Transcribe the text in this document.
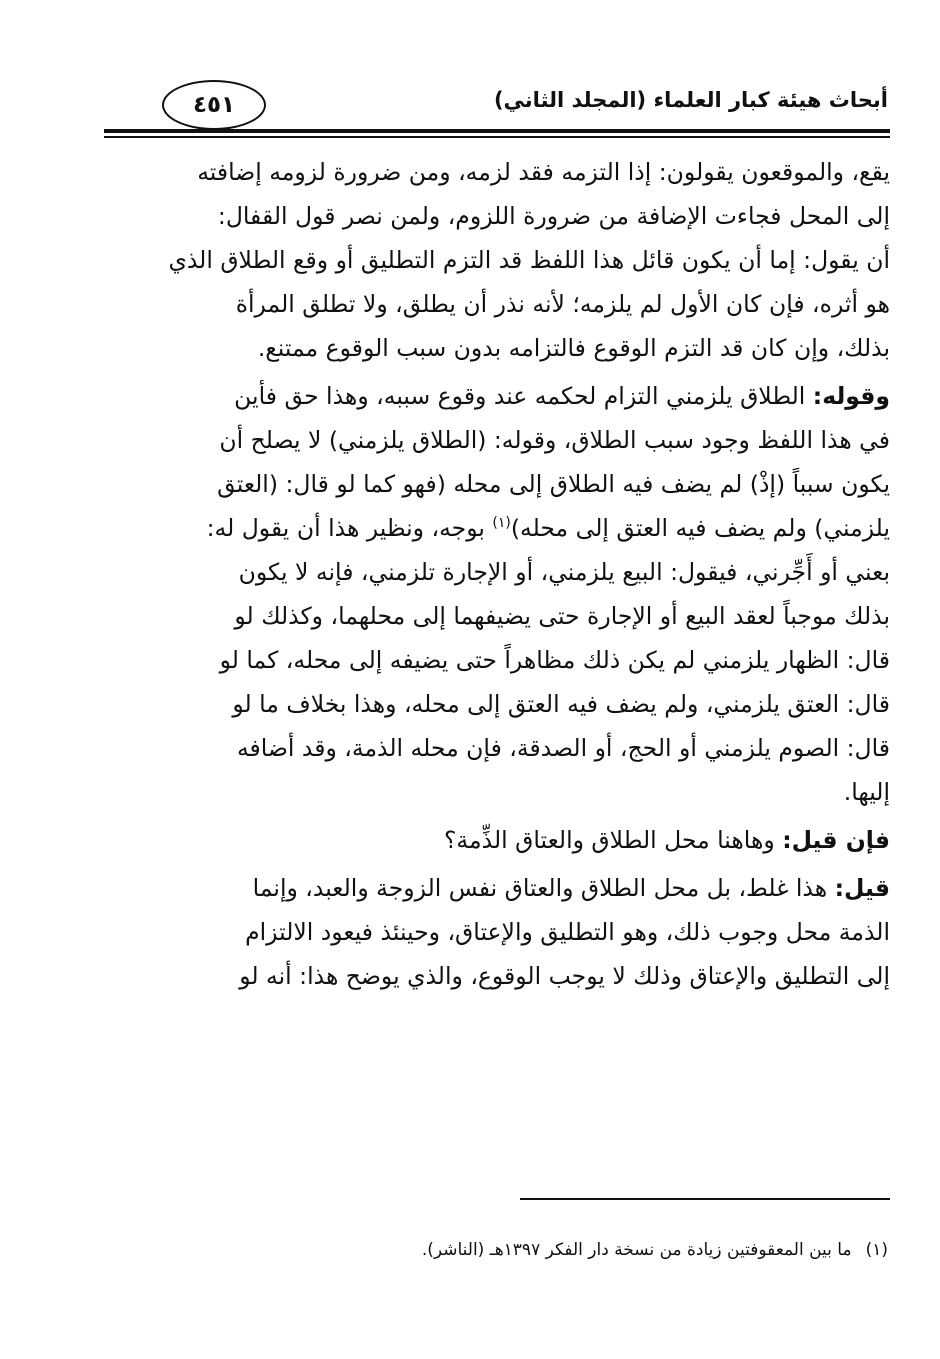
٤٥١	أبحاث هيئة كبار العلماء (المجلد الثاني)

يقع، والموقعون يقولون: إذا التزمه فقد لزمه، ومن ضرورة لزومه إضافته
إلى المحل فجاءت الإضافة من ضرورة اللزوم، ولمن نصر قول القفال:
أن يقول: إما أن يكون قائل هذا اللفظ قد التزم التطليق أو وقع الطلاق الذي
هو أثره، فإن كان الأول لم يلزمه؛ لأنه نذر أن يطلق، ولا تطلق المرأة
بذلك، وإن كان قد التزم الوقوع فالتزامه بدون سبب الوقوع ممتنع.

وقوله: الطلاق يلزمني التزام لحكمه عند وقوع سببه، وهذا حق فأين
في هذا اللفظ وجود سبب الطلاق، وقوله: (الطلاق يلزمني) لا يصلح أن
يكون سبباً (إذْ) لم يضف فيه الطلاق إلى محله (فهو كما لو قال: (العتق
يلزمني) ولم يضف فيه العتق إلى محله)$^{(١)}$ بوجه، ونظير هذا أن يقول له:
بعني أو أَجِّرني، فيقول: البيع يلزمني، أو الإجارة تلزمني، فإنه لا يكون
بذلك موجباً لعقد البيع أو الإجارة حتى يضيفهما إلى محلهما، وكذلك لو
قال: الظهار يلزمني لم يكن ذلك مظاهراً حتى يضيفه إلى محله، كما لو
قال: العتق يلزمني، ولم يضف فيه العتق إلى محله، وهذا بخلاف ما لو
قال: الصوم يلزمني أو الحج، أو الصدقة، فإن محله الذمة، وقد أضافه
إليها.

فإن قيل: وهاهنا محل الطلاق والعتاق الذِّمة؟

قيل: هذا غلط، بل محل الطلاق والعتاق نفس الزوجة والعبد، وإنما
الذمة محل وجوب ذلك، وهو التطليق والإعتاق، وحينئذ فيعود الالتزام
إلى التطليق والإعتاق وذلك لا يوجب الوقوع، والذي يوضح هذا: أنه لو

(١)ما بين المعقوفتين زيادة من نسخة دار الفكر ١٣٩٧هـ (الناشر).
